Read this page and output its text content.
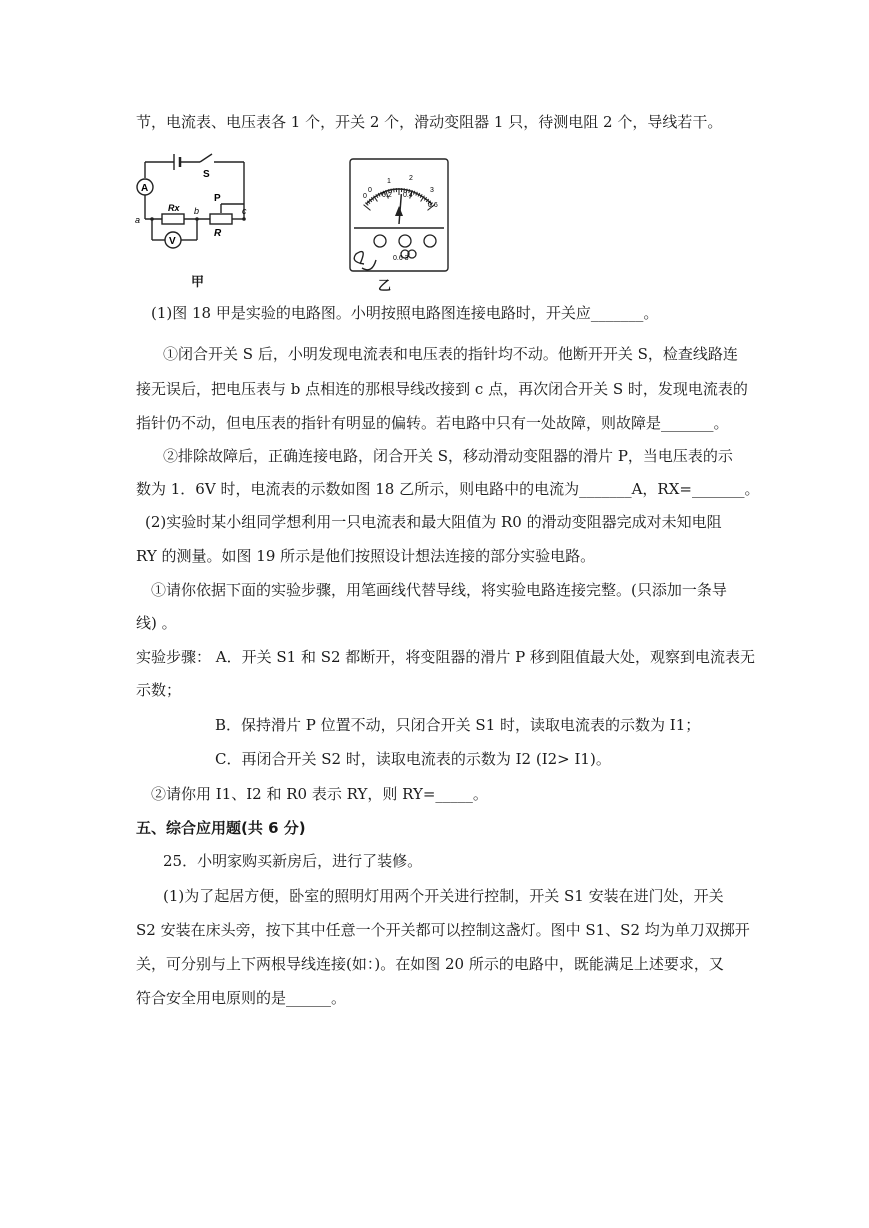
节，电流表、电压表各 1 个，开关 2 个，滑动变阻器 1 只，待测电阻 2 个，导线若干。
A
V
S
Rx
R
P
a
b	c
甲
0 0.2 0.4
0.6
0
1	2
3
0.6 3
乙
(1)图 18 甲是实验的电路图。小明按照电路图连接电路时，开关应_______。
①闭合开关 S 后，小明发现电流表和电压表的指针均不动。他断开开关 S，检查线路连
接无误后，把电压表与 b 点相连的那根导线改接到 c 点，再次闭合开关 S 时，发现电流表的
指针仍不动，但电压表的指针有明显的偏转。若电路中只有一处故障，则故障是_______。
②排除故障后，正确连接电路，闭合开关 S，移动滑动变阻器的滑片 P，当电压表的示
数为 1．6V 时，电流表的示数如图 18 乙所示，则电路中的电流为_______A，RX=_______。
(2)实验时某小组同学想利用一只电流表和最大阻值为 R0 的滑动变阻器完成对未知电阻
RY 的测量。如图 19 所示是他们按照设计想法连接的部分实验电路。
①请你依据下面的实验步骤，用笔画线代替导线，将实验电路连接完整。(只添加一条导
线) 。
实验步骤： A．开关 S1 和 S2 都断开，将变阻器的滑片 P 移到阻值最大处，观察到电流表无
示数；
B．保持滑片 P 位置不动，只闭合开关 S1 时，读取电流表的示数为 I1；
C．再闭合开关 S2 时，读取电流表的示数为 I2 (I2> I1)。
②请你用 I1、I2 和 R0 表示 RY，则 RY=_____。
五、综合应用题(共 6 分)
25．小明家购买新房后，进行了装修。
(1)为了起居方便，卧室的照明灯用两个开关进行控制，开关 S1 安装在进门处，开关
S2 安装在床头旁，按下其中任意一个开关都可以控制这盏灯。图中 S1、S2 均为单刀双掷开
关，可分别与上下两根导线连接(如：)。在如图 20 所示的电路中，既能满足上述要求，又
符合安全用电原则的是______。
